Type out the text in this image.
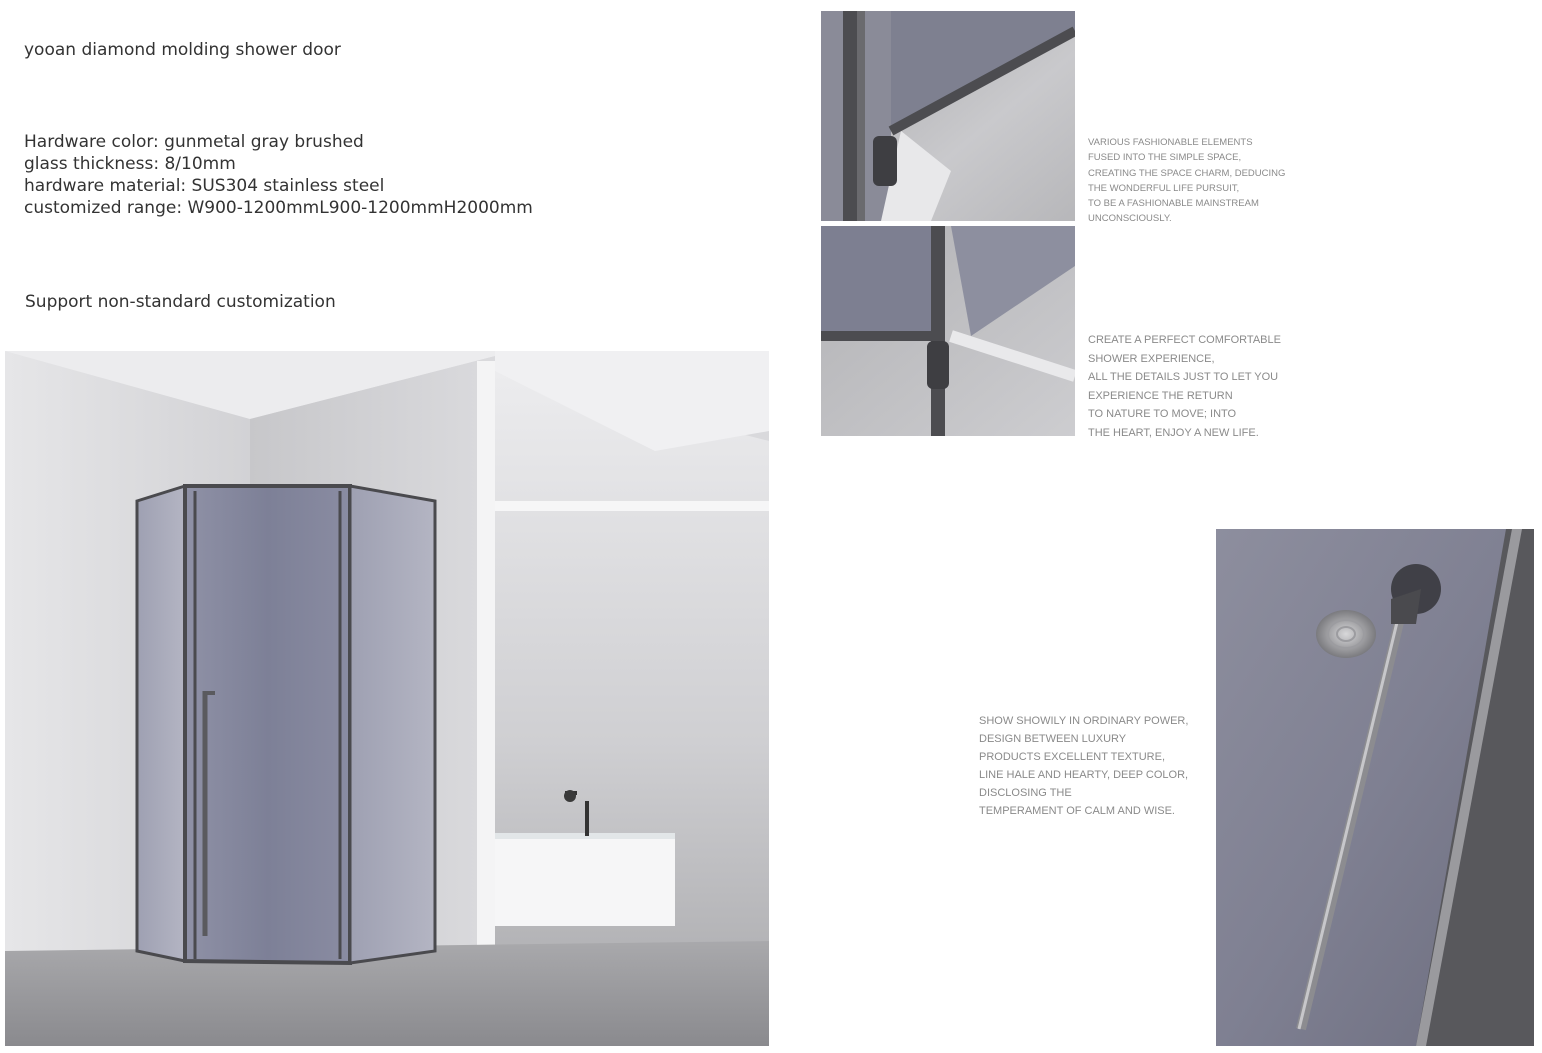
yooan diamond molding shower door
Hardware color: gunmetal gray brushed
glass thickness: 8/10mm
hardware material: SUS304 stainless steel
customized range: W900-1200mmL900-1200mmH2000mm
Support non-standard customization
VARIOUS FASHIONABLE ELEMENTS
FUSED INTO THE SIMPLE SPACE,
CREATING THE SPACE CHARM, DEDUCING
THE WONDERFUL LIFE PURSUIT,
TO BE A FASHIONABLE MAINSTREAM
UNCONSCIOUSLY.
CREATE A PERFECT COMFORTABLE
SHOWER EXPERIENCE,
ALL THE DETAILS JUST TO LET YOU
EXPERIENCE THE RETURN
TO NATURE TO MOVE; INTO
THE HEART, ENJOY A NEW LIFE.
SHOW SHOWILY IN ORDINARY POWER,
DESIGN BETWEEN LUXURY
PRODUCTS EXCELLENT TEXTURE,
LINE HALE AND HEARTY, DEEP COLOR,
DISCLOSING THE
TEMPERAMENT OF CALM AND WISE.
